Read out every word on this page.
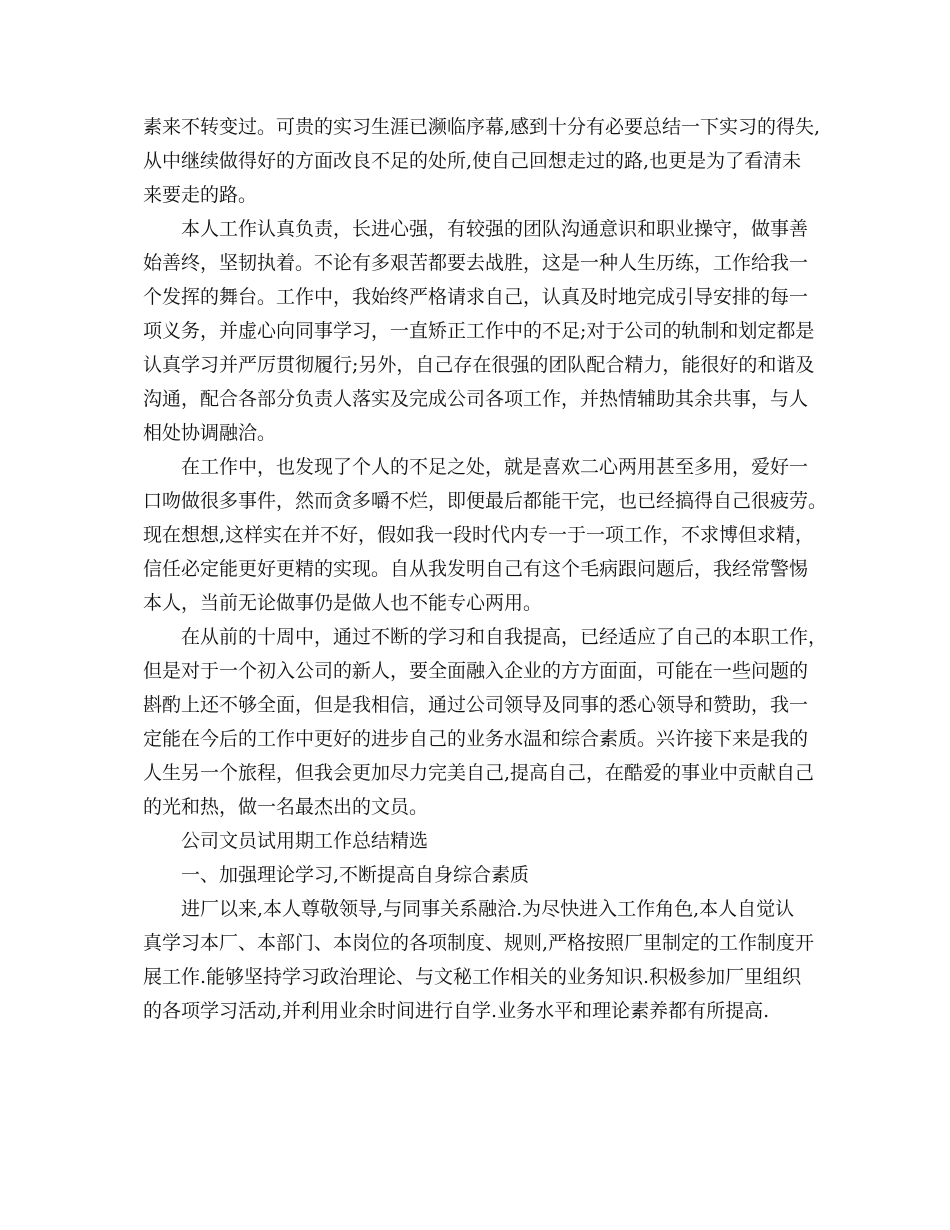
素来不转变过。可贵的实习生涯已濒临序幕,感到十分有必要总结一下实习的得失,
从中继续做得好的方面改良不足的处所,使自己回想走过的路,也更是为了看清未
来要走的路。
本人工作认真负责，长进心强，有较强的团队沟通意识和职业操守，做事善
始善终，坚韧执着。不论有多艰苦都要去战胜，这是一种人生历练，工作给我一
个发挥的舞台。工作中，我始终严格请求自己，认真及时地完成引导安排的每一
项义务，并虚心向同事学习，一直矫正工作中的不足;对于公司的轨制和划定都是
认真学习并严厉贯彻履行;另外，自己存在很强的团队配合精力，能很好的和谐及
沟通，配合各部分负责人落实及完成公司各项工作，并热情辅助其余共事，与人
相处协调融洽。
在工作中，也发现了个人的不足之处，就是喜欢二心两用甚至多用，爱好一
口吻做很多事件，然而贪多嚼不烂，即便最后都能干完，也已经搞得自己很疲劳。
现在想想,这样实在并不好，假如我一段时代内专一于一项工作，不求博但求精，
信任必定能更好更精的实现。自从我发明自己有这个毛病跟问题后，我经常警惕
本人，当前无论做事仍是做人也不能专心两用。
在从前的十周中，通过不断的学习和自我提高，已经适应了自己的本职工作，
但是对于一个初入公司的新人，要全面融入企业的方方面面，可能在一些问题的
斟酌上还不够全面，但是我相信，通过公司领导及同事的悉心领导和赞助，我一
定能在今后的工作中更好的进步自己的业务水温和综合素质。兴许接下来是我的
人生另一个旅程，但我会更加尽力完美自己,提高自己，在酷爱的事业中贡献自己
的光和热，做一名最杰出的文员。
公司文员试用期工作总结精选
一、加强理论学习,不断提高自身综合素质
进厂以来,本人尊敬领导,与同事关系融洽.为尽快进入工作角色,本人自觉认
真学习本厂、本部门、本岗位的各项制度、规则,严格按照厂里制定的工作制度开
展工作.能够坚持学习政治理论、与文秘工作相关的业务知识.积极参加厂里组织
的各项学习活动,并利用业余时间进行自学.业务水平和理论素养都有所提高.
